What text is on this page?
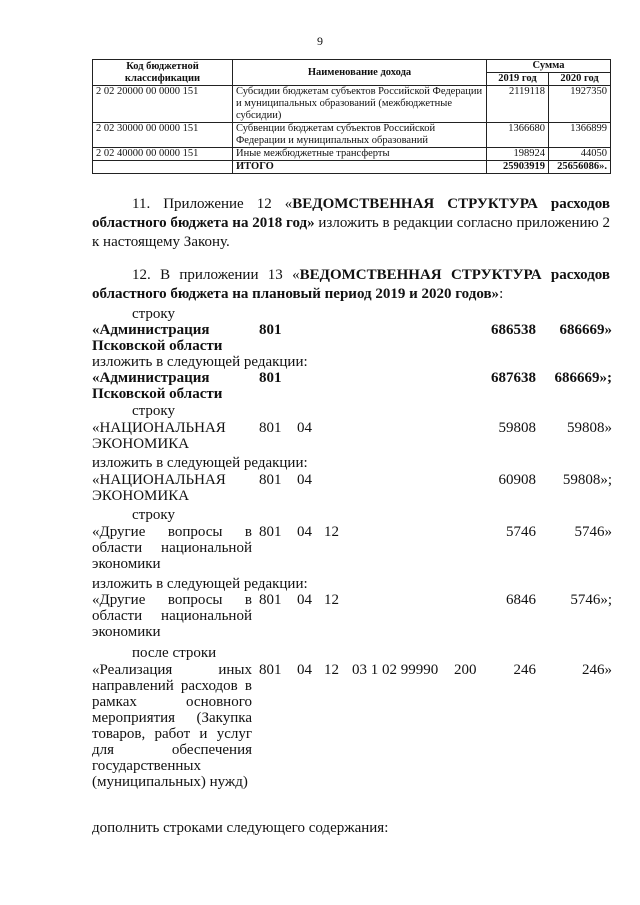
9
Код бюджетной классификации	Наименование дохода	Сумма	
		2019 год	2020 год
2 02 20000 00 0000 151	Субсидии бюджетам субъектов Российской Федерации и муниципальных образований (межбюджетные субсидии)	2119118	1927350
2 02 30000 00 0000 151	Субвенции бюджетам субъектов Российской Федерации и муниципальных образований	1366680	1366899
2 02 40000 00 0000 151	Иные межбюджетные трансферты	198924	44050
	ИТОГО	25903919	25656086».
11. Приложение 12 «ВЕДОМСТВЕННАЯ СТРУКТУРА расходов областного бюджета на 2018 год» изложить в редакции согласно приложению 2 к настоящему Закону.
12. В приложении 13 «ВЕДОМСТВЕННАЯ СТРУКТУРА расходов областного бюджета на плановый период 2019 и 2020 годов»:
строку
«Администрация Псковской области
801	686538	686669»
изложить в следующей редакции:
«Администрация Псковской области
801	687638	686669»;
строку
«НАЦИОНАЛЬНАЯ ЭКОНОМИКА
801 04	59808	59808»
изложить в следующей редакции:
«НАЦИОНАЛЬНАЯ ЭКОНОМИКА
801 04	60908	59808»;
строку
«Другие вопросы в области национальной экономики
801 04 12	5746	5746»
изложить в следующей редакции:
«Другие вопросы в области национальной экономики
801 04 12	6846	5746»;
после строки
«Реализация иных направлений расходов в рамках основного мероприятия (Закупка товаров, работ и услуг для обеспечения государственных (муниципальных) нужд)
801 04 12 03 1 02 99990 200	246	246»
дополнить строками следующего содержания:
